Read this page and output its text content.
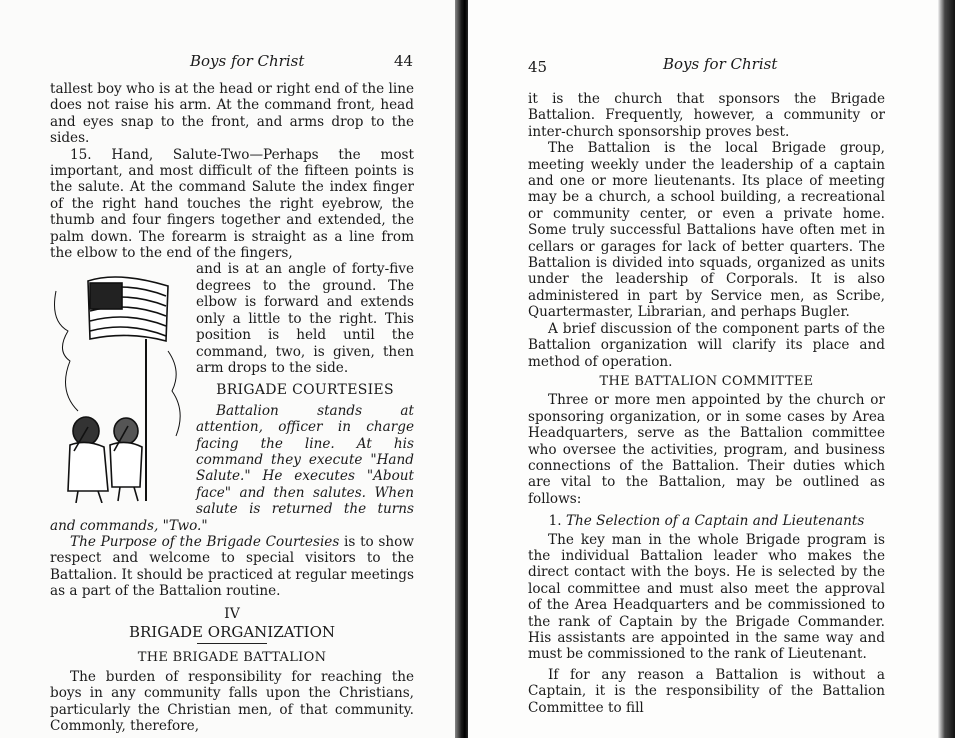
Boys for Christ	44

tallest boy who is at the head or right end of the line does not raise his arm. At the command front, head and eyes snap to the front, and arms drop to the sides.

15. Hand, Salute-Two—Perhaps the most important, and most difficult of the fifteen points is the salute. At the command Salute the index finger of the right hand touches the right eyebrow, the thumb and four fingers together and extended, the palm down. The forearm is straight as a line from the elbow to the end of the fingers,

and is at an angle of forty-five degrees to the ground. The elbow is forward and extends only a little to the right. This position is held until the command, two, is given, then arm drops to the side.

BRIGADE COURTESIES

Battalion stands at attention, officer in charge facing the line. At his command they execute "Hand Salute." He executes "About face" and then salutes. When salute is returned the turns and commands, "Two."

The Purpose of the Brigade Courtesies is to show respect and welcome to special visitors to the Battalion. It should be practiced at regular meetings as a part of the Battalion routine.

IV
BRIGADE ORGANIZATION
THE BRIGADE BATTALION

The burden of responsibility for reaching the boys in any community falls upon the Christians, particularly the Christian men, of that community. Commonly, therefore,

45	Boys for Christ

it is the church that sponsors the Brigade Battalion. Frequently, however, a community or inter-church sponsorship proves best.

The Battalion is the local Brigade group, meeting weekly under the leadership of a captain and one or more lieutenants. Its place of meeting may be a church, a school building, a recreational or community center, or even a private home. Some truly successful Battalions have often met in cellars or garages for lack of better quarters. The Battalion is divided into squads, organized as units under the leadership of Corporals. It is also administered in part by Service men, as Scribe, Quartermaster, Librarian, and perhaps Bugler.

A brief discussion of the component parts of the Battalion organization will clarify its place and method of operation.

THE BATTALION COMMITTEE

Three or more men appointed by the church or sponsoring organization, or in some cases by Area Headquarters, serve as the Battalion committee who oversee the activities, program, and business connections of the Battalion. Their duties which are vital to the Battalion, may be outlined as follows:

1. The Selection of a Captain and Lieutenants

The key man in the whole Brigade program is the individual Battalion leader who makes the direct contact with the boys. He is selected by the local committee and must also meet the approval of the Area Headquarters and be commissioned to the rank of Captain by the Brigade Commander. His assistants are appointed in the same way and must be commissioned to the rank of Lieutenant.

If for any reason a Battalion is without a Captain, it is the responsibility of the Battalion Committee to fill
